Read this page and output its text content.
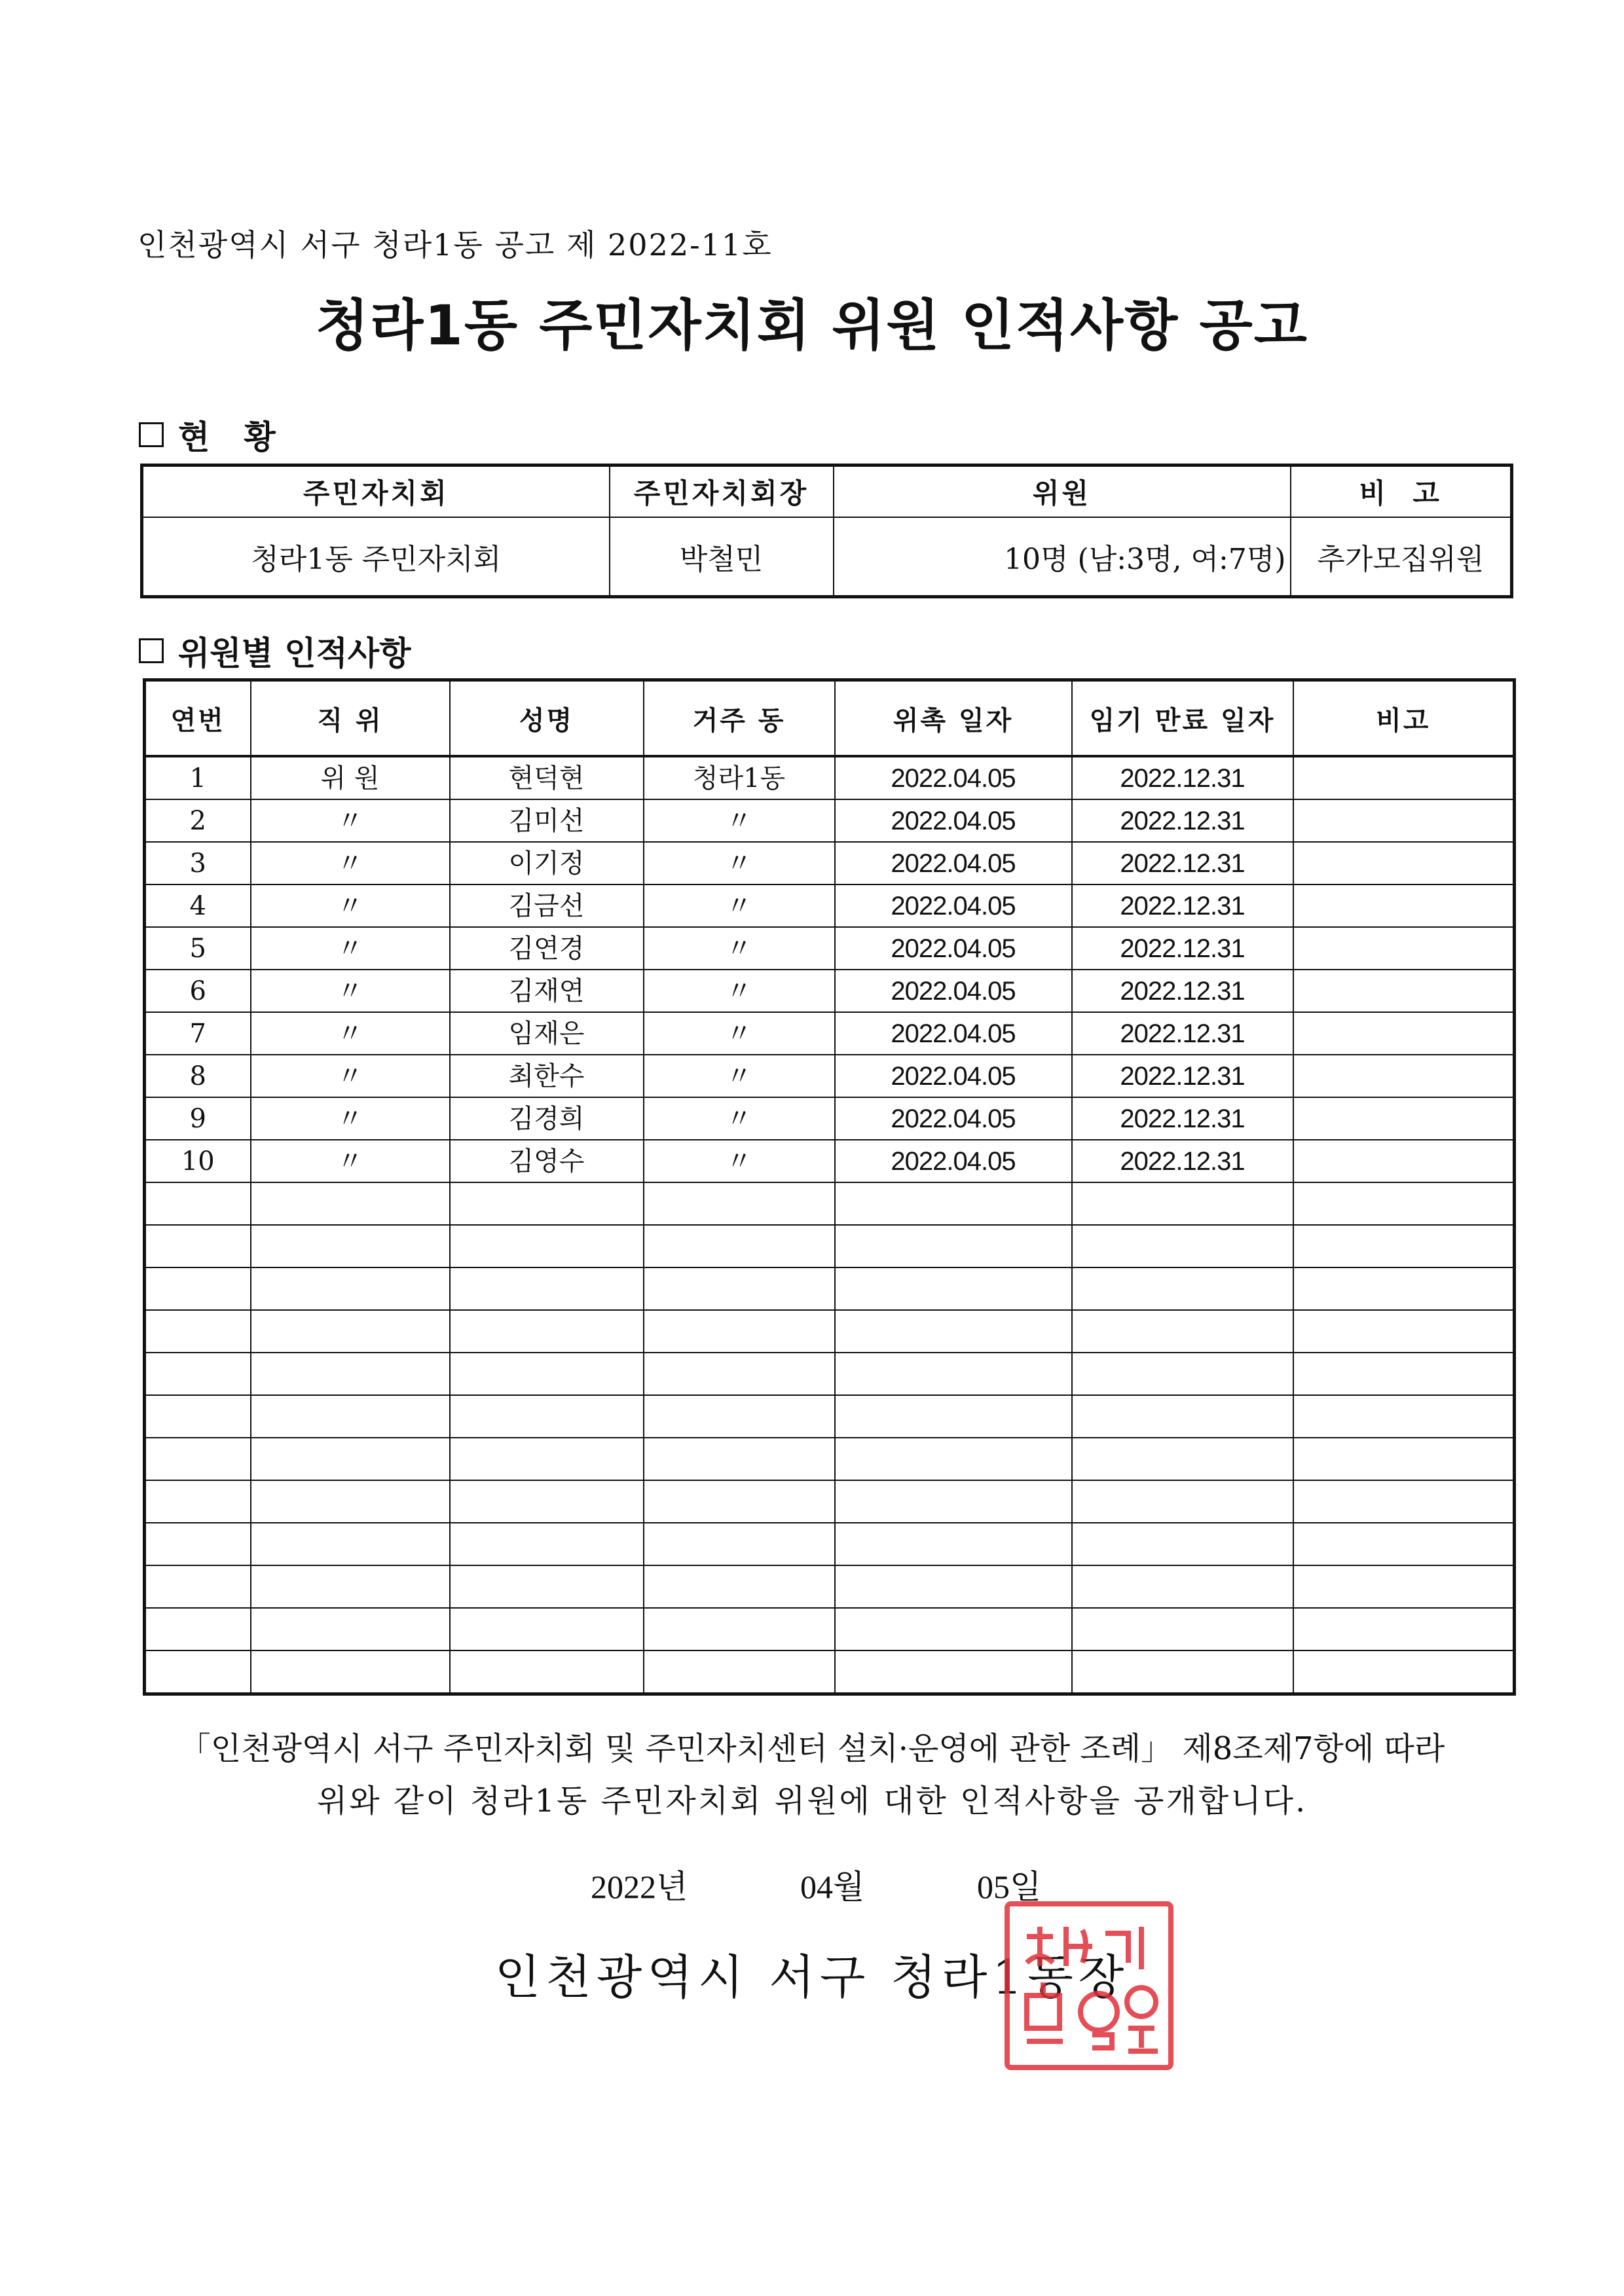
인천광역시 서구 청라1동 공고 제 2022-11호
청라1동 주민자치회 위원 인적사항 공고
현   황
주민자치회	주민자치회장	위원	비  고
청라1동 주민자치회	박철민	10명 (남:3명, 여:7명)	추가모집위원
위원별 인적사항
연번	직 위	성명	거주 동	위촉 일자	임기 만료 일자	비고
1	위 원	현덕현	청라1동	2022.04.05	2022.12.31	
2	〃	김미선	〃	2022.04.05	2022.12.31	
3	〃	이기정	〃	2022.04.05	2022.12.31	
4	〃	김금선	〃	2022.04.05	2022.12.31	
5	〃	김연경	〃	2022.04.05	2022.12.31	
6	〃	김재연	〃	2022.04.05	2022.12.31	
7	〃	임재은	〃	2022.04.05	2022.12.31	
8	〃	최한수	〃	2022.04.05	2022.12.31	
9	〃	김경희	〃	2022.04.05	2022.12.31	
10	〃	김영수	〃	2022.04.05	2022.12.31	

「인천광역시 서구 주민자치회 및 주민자치센터 설치·운영에 관한 조례」 제8조제7항에 따라
위와 같이 청라1동 주민자치회 위원에 대한 인적사항을 공개합니다.
2022년	04월	05일
인천광역시 서구 청라1동장
